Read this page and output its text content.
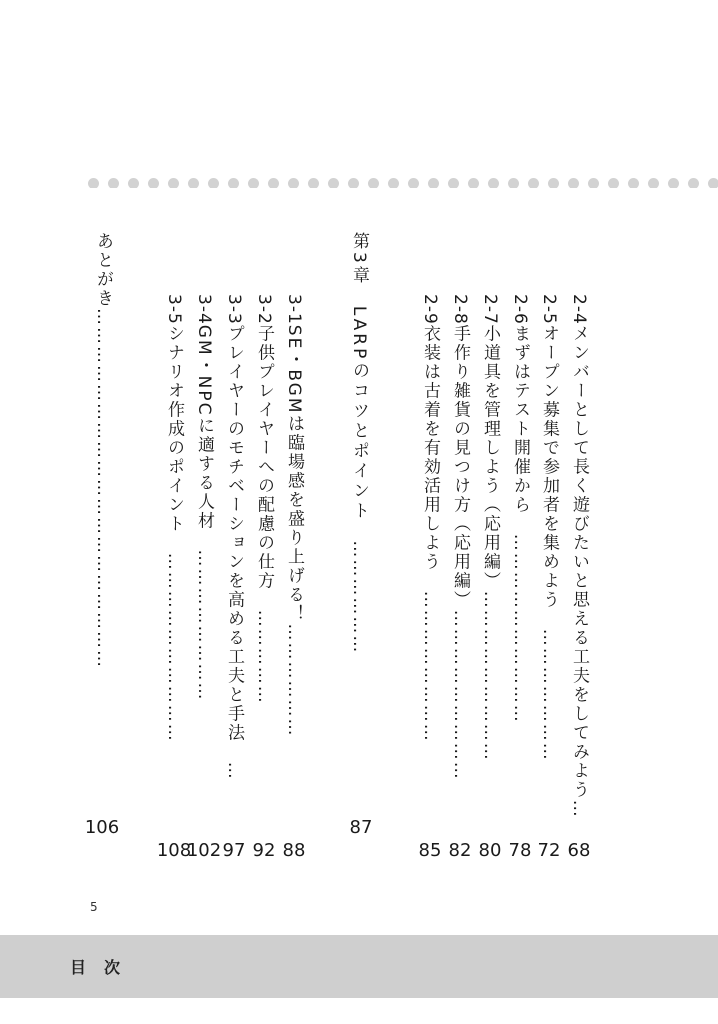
2-4メンバーとして長く遊びたいと思える工夫をしてみよう…
2-5オープン募集で参加者を集めよう　…………………
2-6まずはテスト開催から　…………………………
2-7小道具を管理しよう（応用編）………………………
2-8手作り雑貨の見つけ方（応用編）………………………
2-9衣装は古着を有効活用しよう　……………………
第3章　LARPのコツとポイント　………………
3-1SE・BGMは臨場感を盛り上げる！………………
3-2子供プレイヤーへの配慮の仕方　……………
3-3プレイヤーのモチベーションを高める工夫と手法　…
3-4GM・NPCに適する人材　……………………
3-5シナリオ作成のポイント　…………………………
あとがき…………………………………………………
68
72
78
80
82
85
87
88
92
97
102
108
106
5
目次
